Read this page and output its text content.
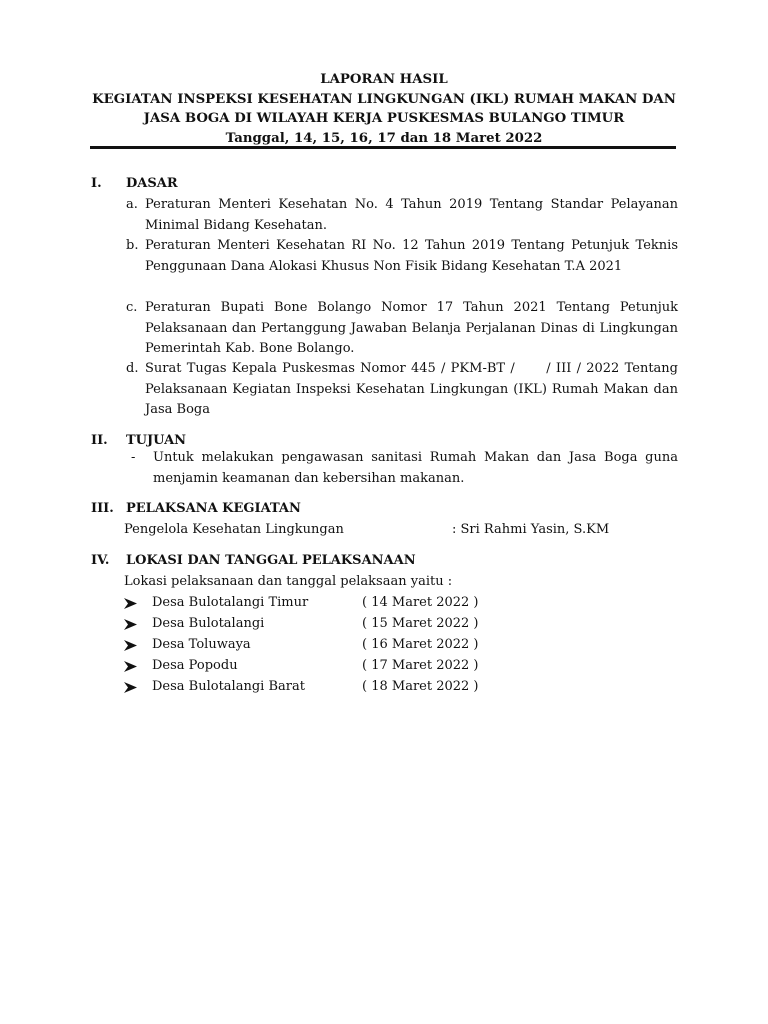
LAPORAN HASIL
KEGIATAN INSPEKSI KESEHATAN LINGKUNGAN (IKL) RUMAH MAKAN DAN
JASA BOGA DI WILAYAH KERJA PUSKESMAS BULANGO TIMUR
Tanggal, 14, 15, 16, 17 dan 18 Maret 2022
I. DASAR
a. Peraturan Menteri Kesehatan No. 4 Tahun 2019 Tentang Standar Pelayanan Minimal Bidang Kesehatan.
b. Peraturan Menteri Kesehatan RI No. 12 Tahun 2019 Tentang Petunjuk Teknis Penggunaan Dana Alokasi Khusus Non Fisik Bidang Kesehatan T.A 2021
c. Peraturan Bupati Bone Bolango Nomor 17 Tahun 2021 Tentang Petunjuk Pelaksanaan dan Pertanggung Jawaban Belanja Perjalanan Dinas di Lingkungan Pemerintah Kab. Bone Bolango.
d. Surat Tugas Kepala Puskesmas Nomor 445 / PKM-BT /      / III / 2022 Tentang Pelaksanaan Kegiatan Inspeksi Kesehatan Lingkungan (IKL) Rumah Makan dan Jasa Boga
II. TUJUAN
- Untuk melakukan pengawasan sanitasi Rumah Makan dan Jasa Boga guna menjamin keamanan dan kebersihan makanan.
III. PELAKSANA KEGIATAN
Pengelola Kesehatan Lingkungan	: Sri Rahmi Yasin, S.KM
IV. LOKASI DAN TANGGAL PELAKSANAAN
Lokasi pelaksanaan dan tanggal pelaksaan yaitu :
Desa Bulotalangi Timur	( 14 Maret 2022 )
Desa Bulotalangi	( 15 Maret 2022 )
Desa Toluwaya	( 16 Maret 2022 )
Desa Popodu	( 17 Maret 2022 )
Desa Bulotalangi Barat	( 18 Maret 2022 )
